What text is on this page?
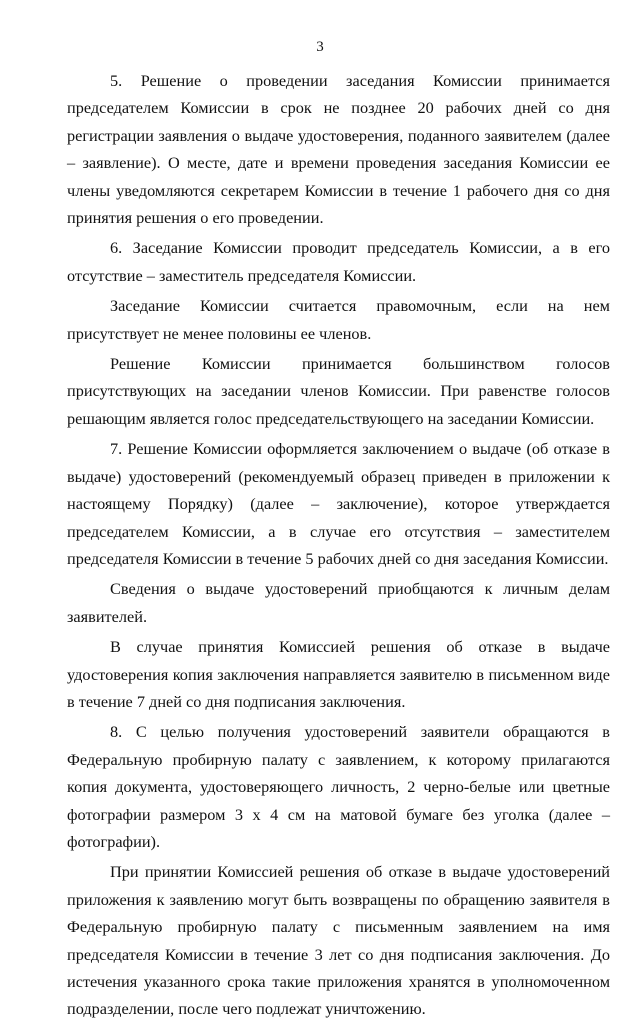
3

5. Решение о проведении заседания Комиссии принимается председателем Комиссии в срок не позднее 20 рабочих дней со дня регистрации заявления о выдаче удостоверения, поданного заявителем (далее – заявление). О месте, дате и времени проведения заседания Комиссии ее члены уведомляются секретарем Комиссии в течение 1 рабочего дня со дня принятия решения о его проведении.

6. Заседание Комиссии проводит председатель Комиссии, а в его отсутствие – заместитель председателя Комиссии.

Заседание Комиссии считается правомочным, если на нем присутствует не менее половины ее членов.

Решение Комиссии принимается большинством голосов присутствующих на заседании членов Комиссии. При равенстве голосов решающим является голос председательствующего на заседании Комиссии.

7. Решение Комиссии оформляется заключением о выдаче (об отказе в выдаче) удостоверений (рекомендуемый образец приведен в приложении к настоящему Порядку) (далее – заключение), которое утверждается председателем Комиссии, а в случае его отсутствия – заместителем председателя Комиссии в течение 5 рабочих дней со дня заседания Комиссии.

Сведения о выдаче удостоверений приобщаются к личным делам заявителей.

В случае принятия Комиссией решения об отказе в выдаче удостоверения копия заключения направляется заявителю в письменном виде в течение 7 дней со дня подписания заключения.

8. С целью получения удостоверений заявители обращаются в Федеральную пробирную палату с заявлением, к которому прилагаются копия документа, удостоверяющего личность, 2 черно-белые или цветные фотографии размером 3 х 4 см на матовой бумаге без уголка (далее – фотографии).

При принятии Комиссией решения об отказе в выдаче удостоверений приложения к заявлению могут быть возвращены по обращению заявителя в Федеральную пробирную палату с письменным заявлением на имя председателя Комиссии в течение 3 лет со дня подписания заключения. До истечения указанного срока такие приложения хранятся в уполномоченном подразделении, после чего подлежат уничтожению.
